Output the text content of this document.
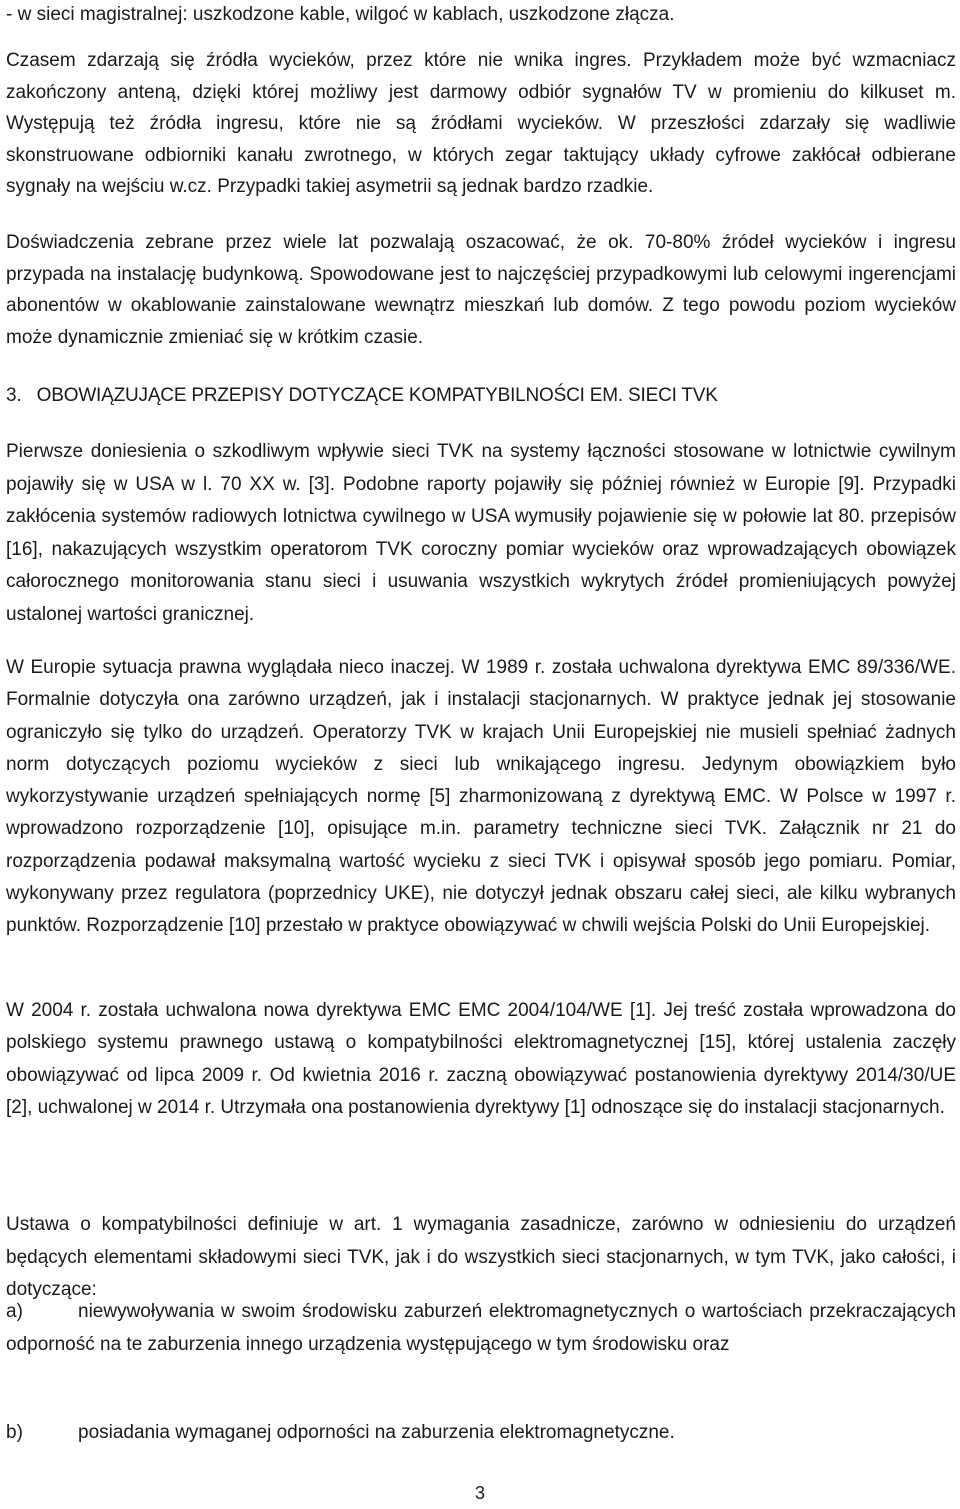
- w sieci magistralnej: uszkodzone kable, wilgoć w kablach, uszkodzone złącza.

Czasem zdarzają się źródła wycieków, przez które nie wnika ingres. Przykładem może być wzmacniacz zakończony anteną, dzięki której możliwy jest darmowy odbiór sygnałów TV w promieniu do kilkuset m. Występują też źródła ingresu, które nie są źródłami wycieków. W przeszłości zdarzały się wadliwie skonstruowane odbiorniki kanału zwrotnego, w których zegar taktujący układy cyfrowe zakłócał odbierane sygnały na wejściu w.cz. Przypadki takiej asymetrii są jednak bardzo rzadkie.

Doświadczenia zebrane przez wiele lat pozwalają oszacować, że ok. 70-80% źródeł wycieków i ingresu przypada na instalację budynkową. Spowodowane jest to najczęściej przypadkowymi lub celowymi ingerencjami abonentów w okablowanie zainstalowane wewnątrz mieszkań lub domów. Z tego powodu poziom wycieków może dynamicznie zmieniać się w krótkim czasie.

3.   OBOWIĄZUJĄCE PRZEPISY DOTYCZĄCE KOMPATYBILNOŚCI EM. SIECI TVK

Pierwsze doniesienia o szkodliwym wpływie sieci TVK na systemy łączności stosowane w lotnictwie cywilnym pojawiły się w USA w l. 70 XX w. [3]. Podobne raporty pojawiły się później również w Europie [9]. Przypadki zakłócenia systemów radiowych lotnictwa cywilnego w USA wymusiły pojawienie się w połowie lat 80. przepisów [16], nakazujących wszystkim operatorom TVK coroczny pomiar wycieków oraz wprowadzających obowiązek całorocznego monitorowania stanu sieci i usuwania wszystkich wykrytych źródeł promieniujących powyżej ustalonej wartości granicznej.

W Europie sytuacja prawna wyglądała nieco inaczej. W 1989 r. została uchwalona dyrektywa EMC 89/336/WE. Formalnie dotyczyła ona zarówno urządzeń, jak i instalacji stacjonarnych. W praktyce jednak jej stosowanie ograniczyło się tylko do urządzeń. Operatorzy TVK w krajach Unii Europejskiej nie musieli spełniać żadnych norm dotyczących poziomu wycieków z sieci lub wnikającego ingresu. Jedynym obowiązkiem było wykorzystywanie urządzeń spełniających normę [5] zharmonizowaną z dyrektywą EMC. W Polsce w 1997 r. wprowadzono rozporządzenie [10], opisujące m.in. parametry techniczne sieci TVK. Załącznik nr 21 do rozporządzenia podawał maksymalną wartość wycieku z sieci TVK i opisywał sposób jego pomiaru. Pomiar, wykonywany przez regulatora (poprzednicy UKE), nie dotyczył jednak obszaru całej sieci, ale kilku wybranych punktów. Rozporządzenie [10] przestało w praktyce obowiązywać w chwili wejścia Polski do Unii Europejskiej.

W 2004 r. została uchwalona nowa dyrektywa EMC EMC 2004/104/WE [1]. Jej treść została wprowadzona do polskiego systemu prawnego ustawą o kompatybilności elektromagnetycznej [15], której ustalenia zaczęły obowiązywać od lipca 2009 r. Od kwietnia 2016 r. zaczną obowiązywać postanowienia dyrektywy 2014/30/UE [2], uchwalonej w 2014 r. Utrzymała ona postanowienia dyrektywy [1] odnoszące się do instalacji stacjonarnych.

Ustawa o kompatybilności definiuje w art. 1 wymagania zasadnicze, zarówno w odniesieniu do urządzeń będących elementami składowymi sieci TVK, jak i do wszystkich sieci stacjonarnych, w tym TVK, jako całości, i dotyczące:

a)	niewywoływania w swoim środowisku zaburzeń elektromagnetycznych o wartościach przekraczających odporność na te zaburzenia innego urządzenia występującego w tym środowisku oraz

b)	posiadania wymaganej odporności na zaburzenia elektromagnetyczne.

3
